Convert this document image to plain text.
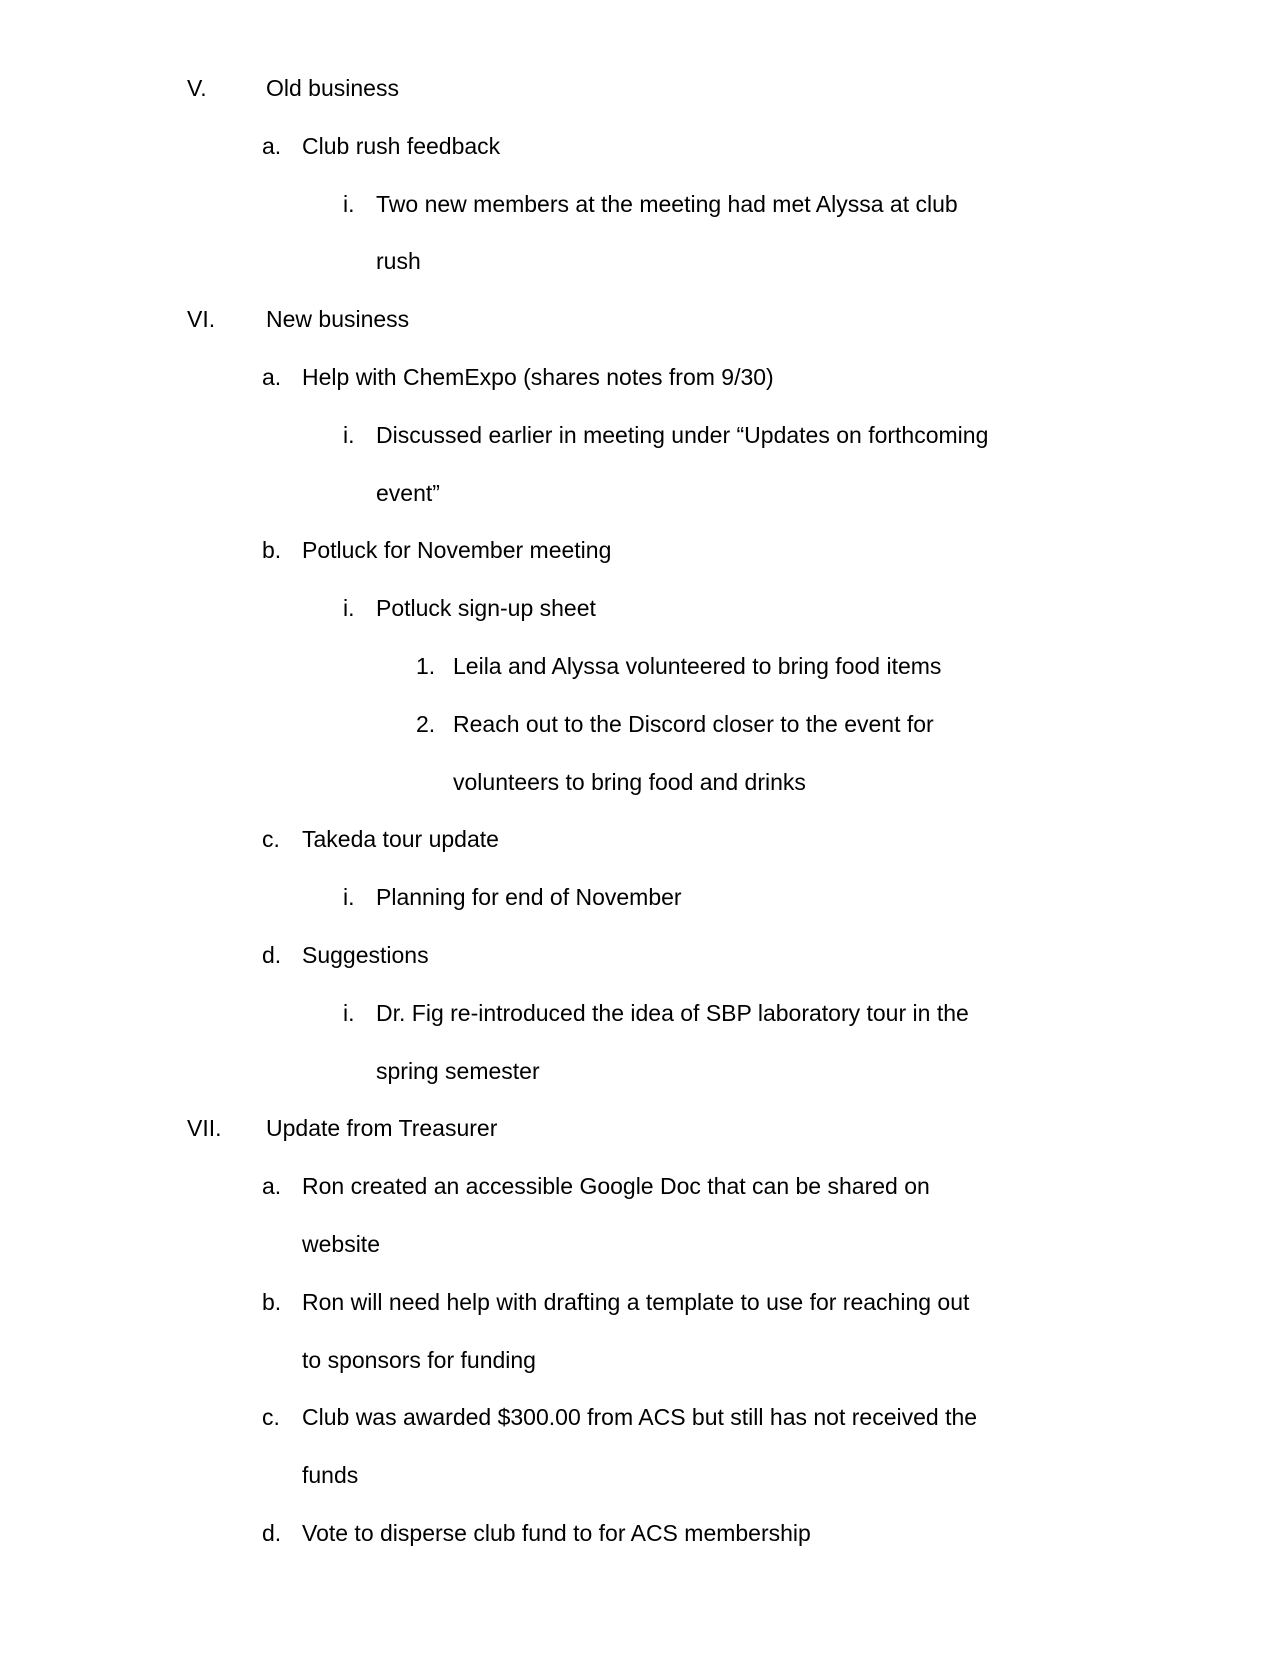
V.	Old business
a. Club rush feedback
i. Two new members at the meeting had met Alyssa at club
rush
VI.	New business
a. Help with ChemExpo (shares notes from 9/30)
i. Discussed earlier in meeting under “Updates on forthcoming
event”
b. Potluck for November meeting
i. Potluck sign-up sheet
1. Leila and Alyssa volunteered to bring food items
2. Reach out to the Discord closer to the event for
volunteers to bring food and drinks
c. Takeda tour update
i. Planning for end of November
d. Suggestions
i. Dr. Fig re-introduced the idea of SBP laboratory tour in the
spring semester
VII.	Update from Treasurer
a. Ron created an accessible Google Doc that can be shared on
website
b. Ron will need help with drafting a template to use for reaching out
to sponsors for funding
c. Club was awarded $300.00 from ACS but still has not received the
funds
d. Vote to disperse club fund to for ACS membership
